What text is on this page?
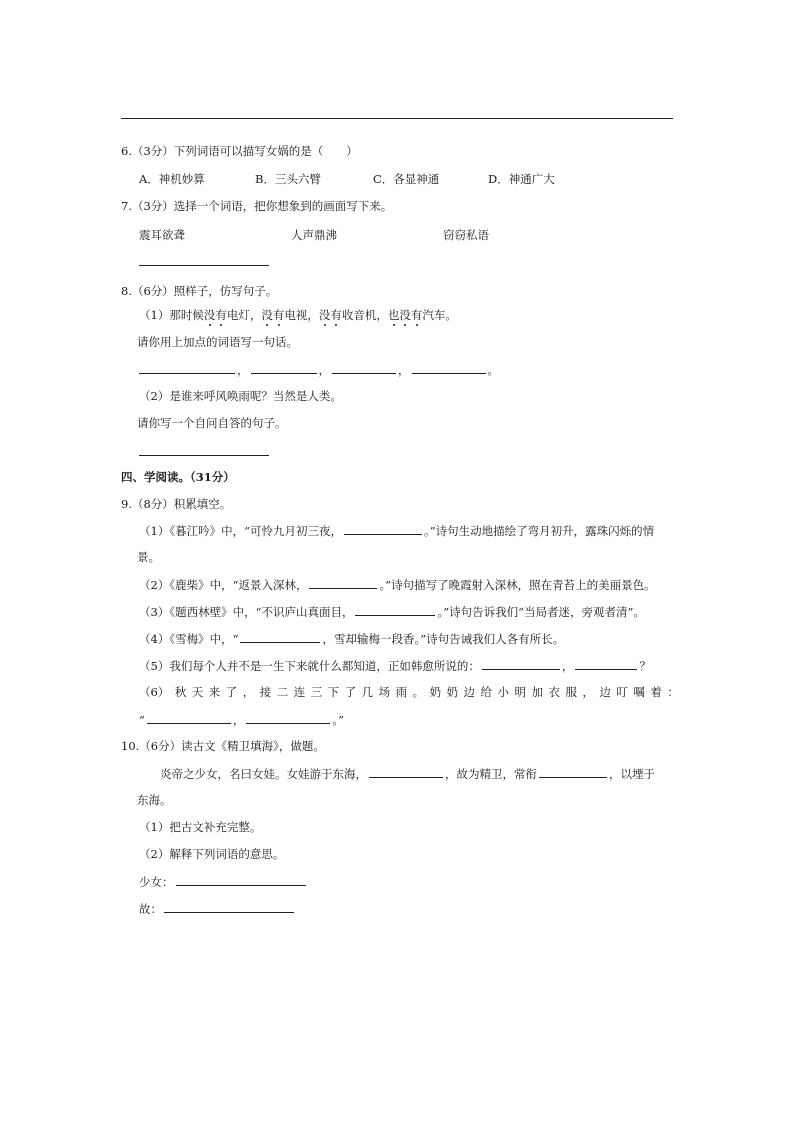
6.（3分）下列词语可以描写女娲的是（　　）
A．神机妙算	B．三头六臂	C．各显神通	D．神通广大
7.（3分）选择一个词语，把你想象到的画面写下来。
震耳欲聋	人声鼎沸	窃窃私语
8.（6分）照样子，仿写句子。
（1）那时候没有电灯，没有电视，没有收音机，也没有汽车。
请你用上加点的词语写一句话。
，	，	，	。
（2）是谁来呼风唤雨呢？当然是人类。
请你写一个自问自答的句子。
四、学阅读。（31分）
9.（8分）积累填空。
（1）《暮江吟》中，“可怜九月初三夜，	。”诗句生动地描绘了弯月初升，露珠闪烁的情
景。
（2）《鹿柴》中，“返景入深林，	。”诗句描写了晚霞射入深林，照在青苔上的美丽景色。
（3）《题西林壁》中，“不识庐山真面目，	。”诗句告诉我们“当局者迷，旁观者清”。
（4）《雪梅》中，“	，雪却输梅一段香。”诗句告诫我们人各有所长。
（5）我们每个人并不是一生下来就什么都知道，正如韩愈所说的：	，	？
（6） 秋 天 来 了 ， 接 二 连 三 下 了 几 场 雨 。 奶 奶 边 给 小 明 加 衣 服 ， 边 叮 嘱 着 ：
“	，	。”
10.（6分）读古文《精卫填海》，做题。
炎帝之少女，名曰女娃。女娃游于东海，	，故为精卫，常衔	，以堙于
东海。
（1）把古文补充完整。
（2）解释下列词语的意思。
少女：
故：
